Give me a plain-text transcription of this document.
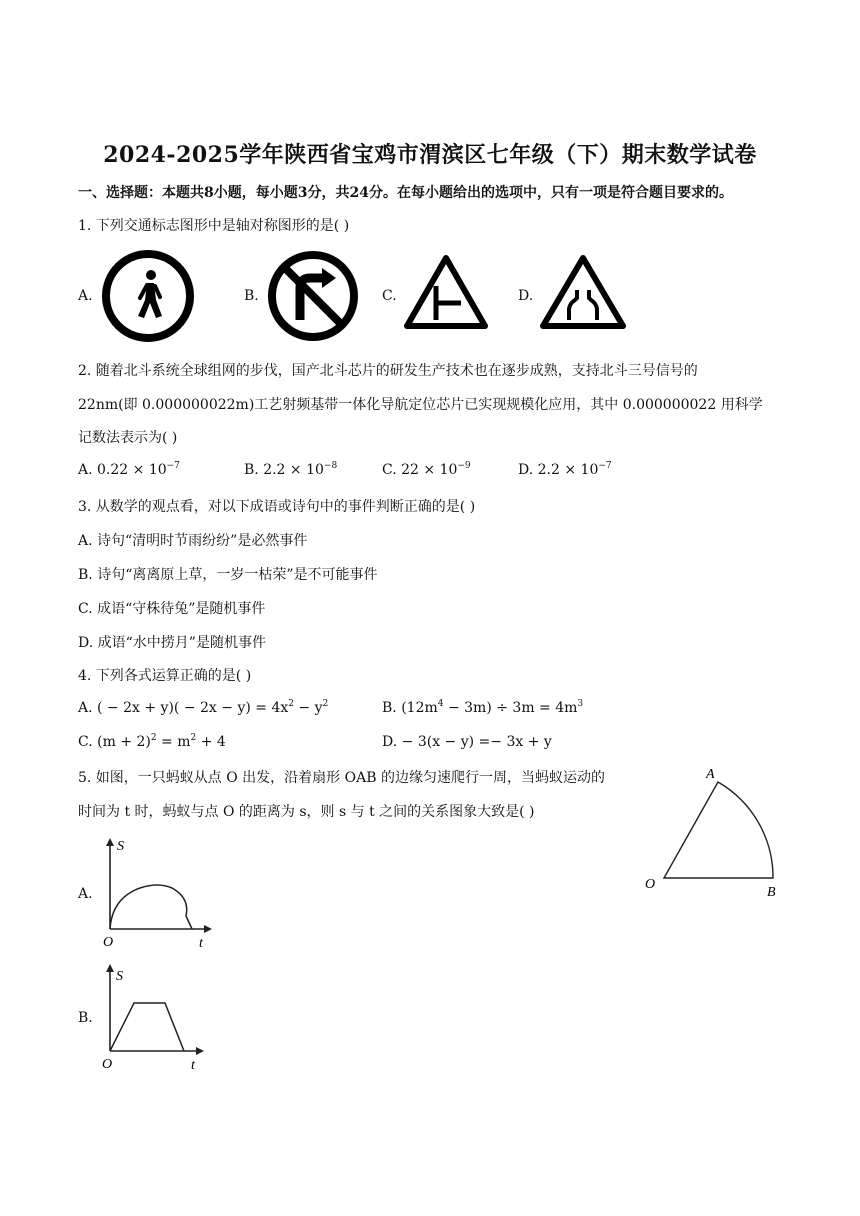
2024-2025学年陕西省宝鸡市渭滨区七年级（下）期末数学试卷
一、选择题：本题共8小题，每小题3分，共24分。在每小题给出的选项中，只有一项是符合题目要求的。
1. 下列交通标志图形中是轴对称图形的是( )
A.	B.	C.	D.
2. 随着北斗系统全球组网的步伐，国产北斗芯片的研发生产技术也在逐步成熟，支持北斗三号信号的
22nm(即 0.000000022m)工艺射频基带一体化导航定位芯片已实现规模化应用，其中 0.000000022 用科学
记数法表示为( )
A. $0.22 \times 10^{-7}$	B. $2.2 \times 10^{-8}$	C. $22 \times 10^{-9}$	D. $2.2 \times 10^{-7}$
3. 从数学的观点看，对以下成语或诗句中的事件判断正确的是( )
A. 诗句“清明时节雨纷纷”是必然事件
B. 诗句“离离原上草，一岁一枯荣”是不可能事件
C. 成语“守株待兔”是随机事件
D. 成语“水中捞月”是随机事件
4. 下列各式运算正确的是( )
A. ( − $2x + y)( - 2x - y) = 4x^2 - y^2$	B. $(12m^4 - 3m) \div 3m = 4m^3$
C. $(m + 2)^2 = m^2 + 4$	D. − 3(x − y) =− 3x + y
5. 如图，一只蚂蚁从点 O 出发，沿着扇形 OAB 的边缘匀速爬行一周，当蚂蚁运动的
时间为 t 时，蚂蚁与点 O 的距离为 s，则 s 与 t 之间的关系图象大致是( )
A
O
B
A.
S
O	t
B.
S
O	t
